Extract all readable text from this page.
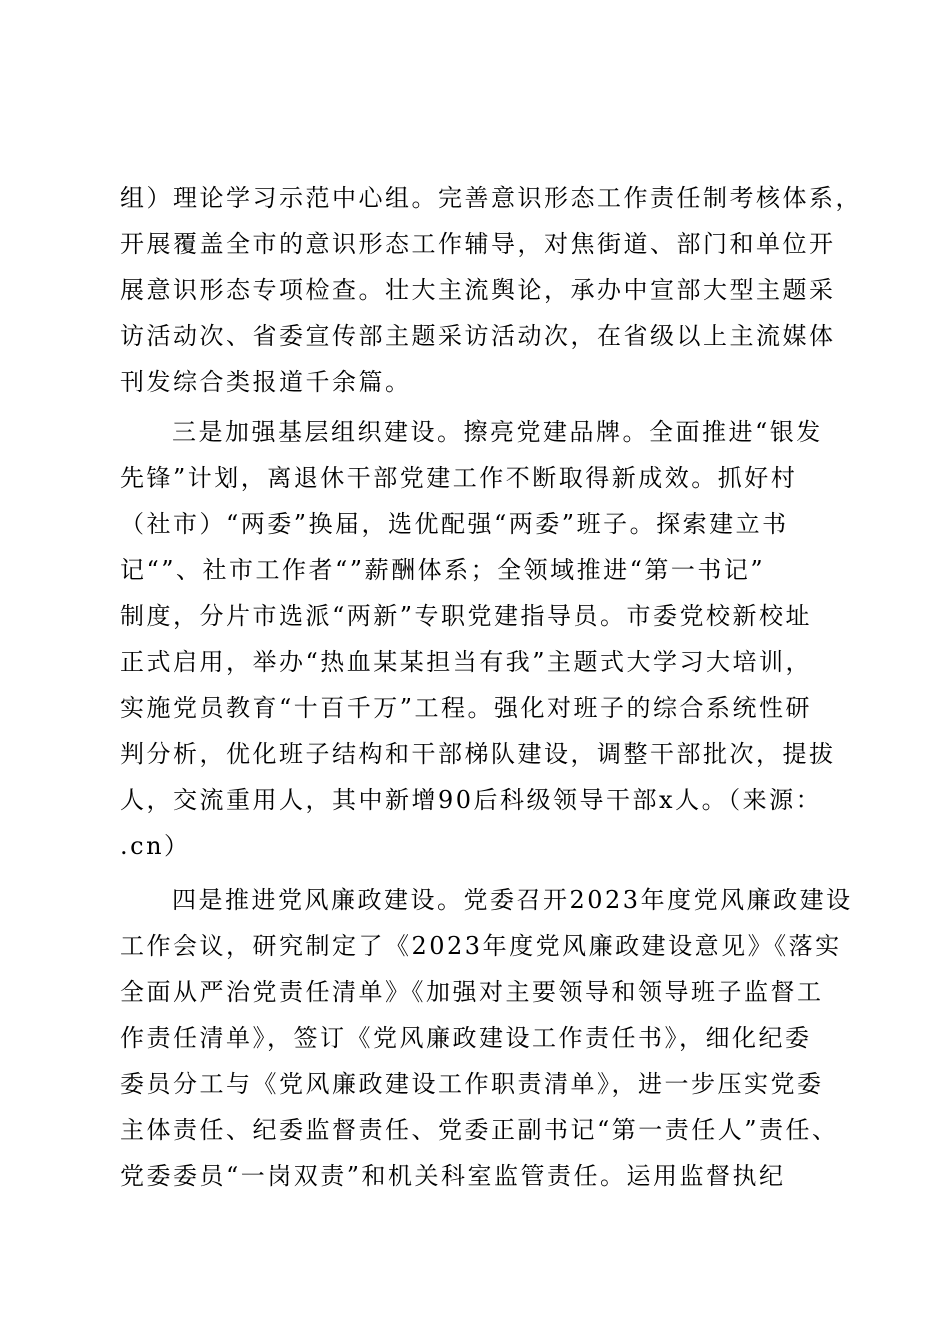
组）理论学习示范中心组。完善意识形态工作责任制考核体系，
开展覆盖全市的意识形态工作辅导，对焦街道、部门和单位开
展意识形态专项检查。壮大主流舆论，承办中宣部大型主题采
访活动次、省委宣传部主题采访活动次，在省级以上主流媒体
刊发综合类报道千余篇。
三是加强基层组织建设。擦亮党建品牌。全面推进“银发
先锋”计划，离退休干部党建工作不断取得新成效。抓好村
（社市）“两委”换届，选优配强“两委”班子。探索建立书
记“”、社市工作者“”薪酬体系；全领域推进“第一书记”
制度，分片市选派“两新”专职党建指导员。市委党校新校址
正式启用，举办“热血某某担当有我”主题式大学习大培训，
实施党员教育“十百千万”工程。强化对班子的综合系统性研
判分析，优化班子结构和干部梯队建设，调整干部批次，提拔
人，交流重用人，其中新增90后科级领导干部x人。（来源：
.cn）
四是推进党风廉政建设。党委召开2023年度党风廉政建设
工作会议，研究制定了《2023年度党风廉政建设意见》《落实
全面从严治党责任清单》《加强对主要领导和领导班子监督工
作责任清单》，签订《党风廉政建设工作责任书》，细化纪委
委员分工与《党风廉政建设工作职责清单》，进一步压实党委
主体责任、纪委监督责任、党委正副书记“第一责任人”责任、
党委委员“一岗双责”和机关科室监管责任。运用监督执纪
